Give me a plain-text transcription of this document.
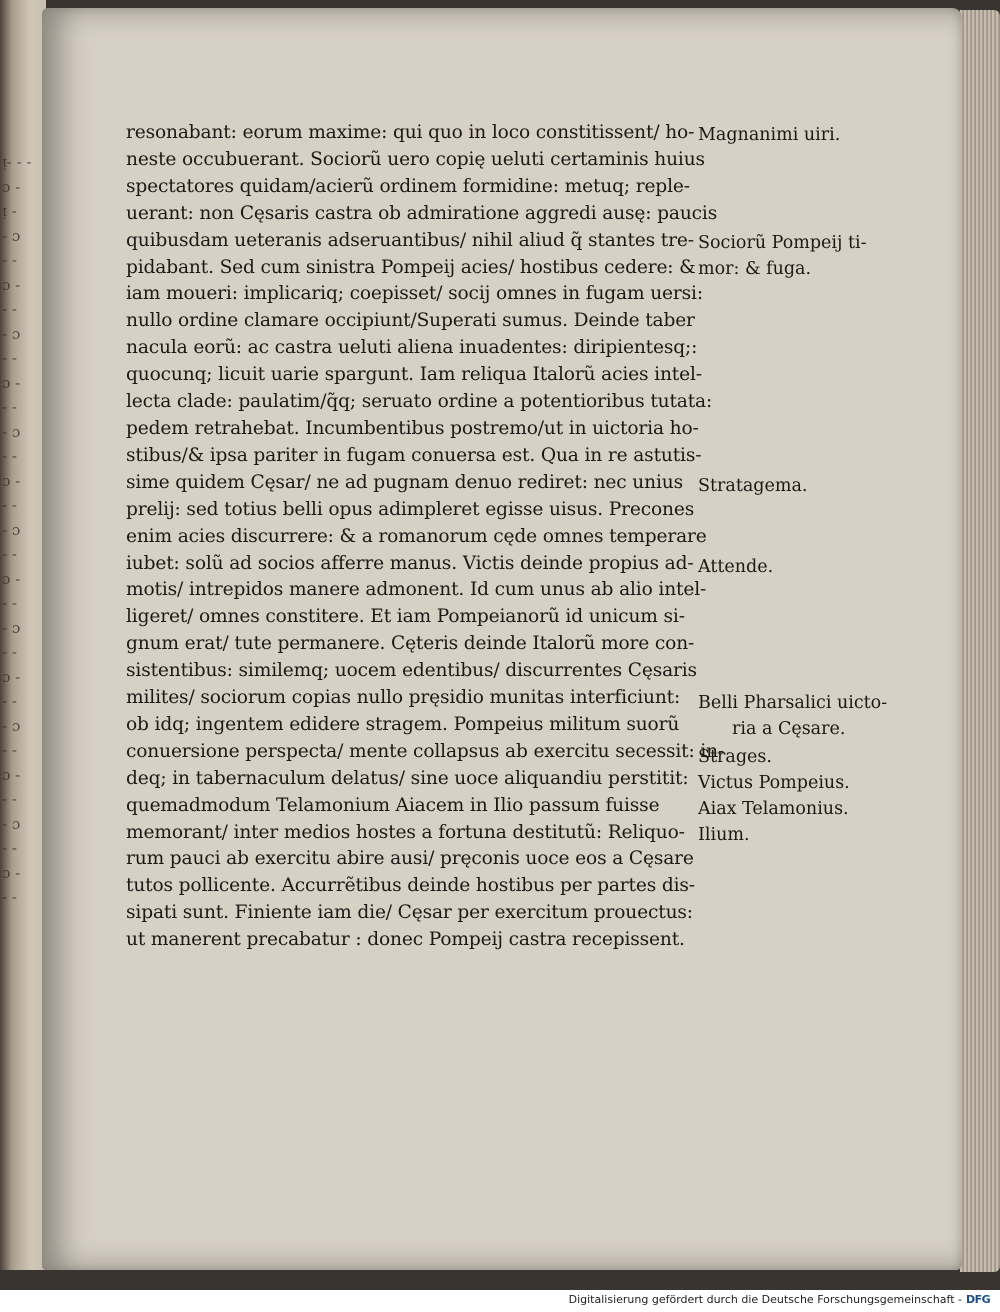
ᴉ‑ ‑ ‑
ɔ ‑
ᴉ ‑
‑ ɔ
‑ ‑
ɔ ‑
‑ ‑
‑ ɔ
‑ ‑
ɔ ‑
‑ ‑
‑ ɔ
‑ ‑
ɔ ‑
‑ ‑
‑ ɔ
‑ ‑
ɔ ‑
‑ ‑
‑ ɔ
‑ ‑
ɔ ‑
‑ ‑
‑ ɔ
‑ ‑
ɔ ‑
‑ ‑
‑ ɔ
‑ ‑
ɔ ‑
‑ ‑
resonabant: eorum maxime: qui quo in loco constitissent/ ho-
neste occubuerant. Sociorũ uero copię ueluti certaminis huius
spectatores quidam/acierũ ordinem formidine: metuq; reple-
uerant: non Cęsaris castra ob admiratione aggredi ausę: paucis
quibusdam ueteranis adseruantibus/ nihil aliud q̃ stantes tre-
pidabant. Sed cum sinistra Pompeij acies/ hostibus cedere: &
iam moueri: implicariq; coepisset/ socij omnes in fugam uersi:
nullo ordine clamare occipiunt/Superati sumus. Deinde taber
nacula eorũ: ac castra ueluti aliena inuadentes: diripientesq;:
quocunq; licuit uarie spargunt. Iam reliqua Italorũ acies intel-
lecta clade: paulatim/q̃q; seruato ordine a potentioribus tutata:
pedem retrahebat. Incumbentibus postremo/ut in uictoria ho-
stibus/& ipsa pariter in fugam conuersa est. Qua in re astutis-
sime quidem Cęsar/ ne ad pugnam denuo rediret: nec unius
prelij: sed totius belli opus adimpleret egisse uisus. Precones
enim acies discurrere: & a romanorum cęde omnes temperare
iubet: solũ ad socios afferre manus. Victis deinde propius ad-
motis/ intrepidos manere admonent. Id cum unus ab alio intel-
ligeret/ omnes constitere. Et iam Pompeianorũ id unicum si-
gnum erat/ tute permanere. Cęteris deinde Italorũ more con-
sistentibus: similemq; uocem edentibus/ discurrentes Cęsaris
milites/ sociorum copias nullo pręsidio munitas interficiunt:
ob idq; ingentem edidere stragem. Pompeius militum suorũ
conuersione perspecta/ mente collapsus ab exercitu secessit: in-
deq; in tabernaculum delatus/ sine uoce aliquandiu perstitit:
quemadmodum Telamonium Aiacem in Ilio passum fuisse
memorant/ inter medios hostes a fortuna destitutũ: Reliquo-
rum pauci ab exercitu abire ausi/ pręconis uoce eos a Cęsare
tutos pollicente. Accurrẽtibus deinde hostibus per partes dis-
sipati sunt. Finiente iam die/ Cęsar per exercitum prouectus:
ut manerent precabatur : donec Pompeij castra recepissent.
Magnanimi uiri.
Sociorũ Pompeij ti-
mor: & fuga.
Stratagema.
Attende.
Belli Pharsalici uicto-
ria a Cęsare.
Strages.
Victus Pompeius.
Aiax Telamonius.
Ilium.
Digitalisierung gefördert durch die Deutsche Forschungsgemeinschaft - DFG
